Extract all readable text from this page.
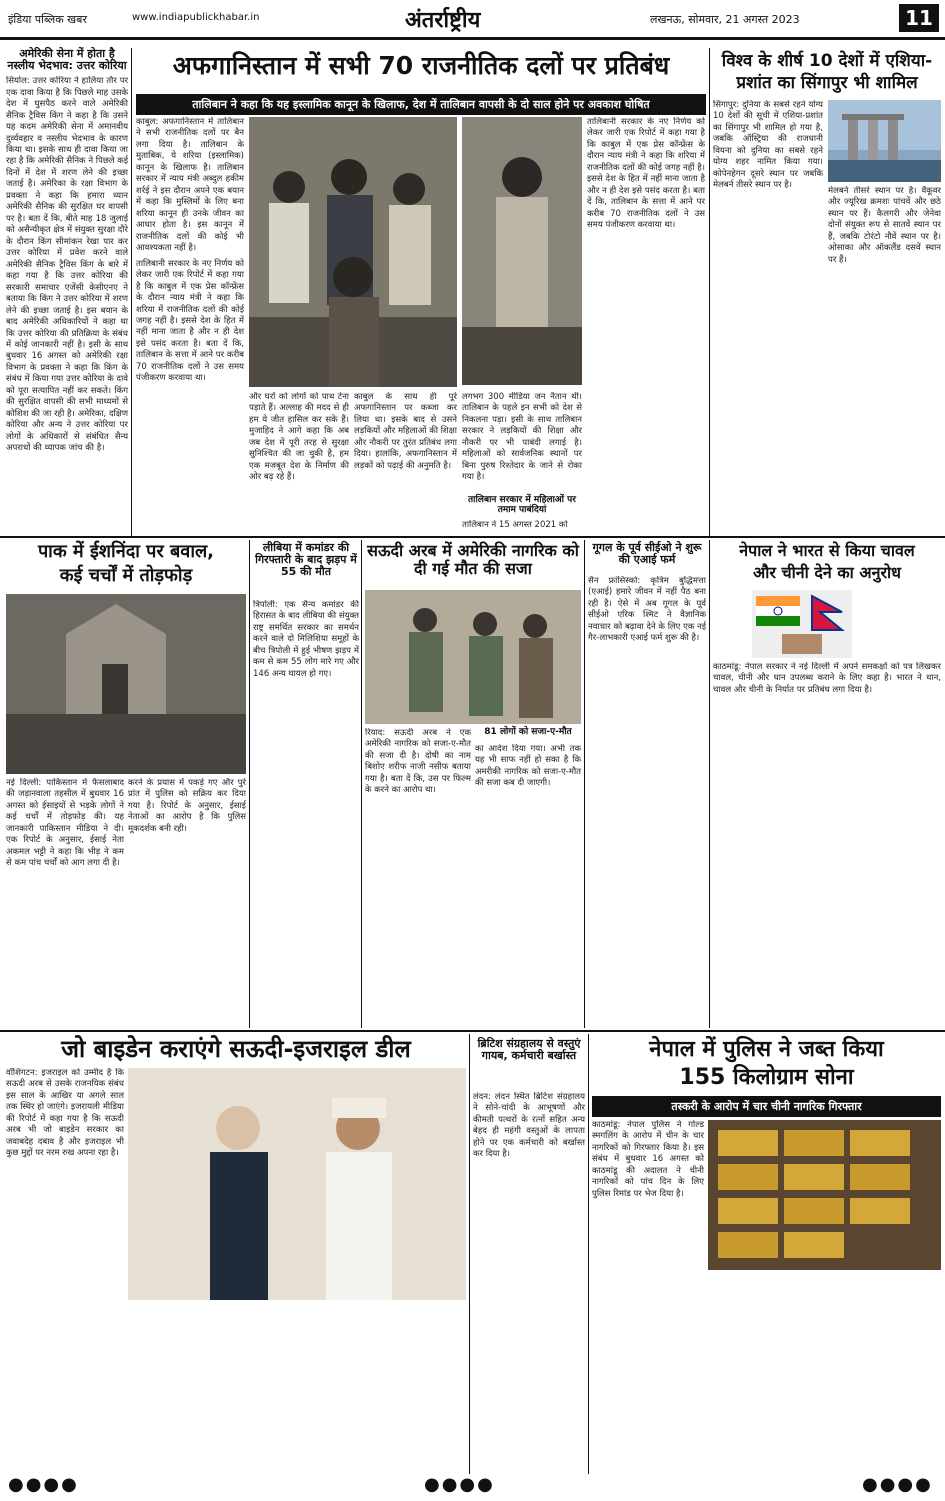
इंडिया पब्लिक खबर	www.indiapublickhabar.in	अंतर्राष्ट्रीय	लखनऊ, सोमवार, 21 अगस्त 2023	11
अमेरिकी सेना में होता है
नस्लीय भेदभाव: उत्तर कोरिया
सियोल: उत्तर कोरिया ने हालिया तौर पर एक दावा किया है कि पिछले माह उसके देश में घुसपैठ करने वाले अमेरिकी सैनिक ट्रैविस किंग ने कहा है कि उसने यह कदम अमेरिकी सेना में अमानवीय दुर्व्यवहार व नस्लीय भेदभाव के कारण किया था। इसके साथ ही दावा किया जा रहा है कि अमेरिकी सैनिक ने पिछले कई दिनों में देश में शरण लेने की इच्छा जताई है। अमेरिका के रक्षा विभाग के प्रवक्ता ने कहा कि हमारा ध्यान अमेरिकी सैनिक की सुरक्षित घर वापसी पर है। बता दें कि, बीते माह 18 जुलाई को असैन्यीकृत क्षेत्र में संयुक्त सुरक्षा दौरे के दौरान किंग सीमांकन रेखा पार कर उत्तर कोरिया में प्रवेश करने वाले अमेरिकी सैनिक ट्रैविस किंग के बारे में कहा गया है कि उत्तर कोरिया की सरकारी समाचार एजेंसी केसीएनए ने बताया कि किंग ने उत्तर कोरिया में शरण लेने की इच्छा जताई है। इस बयान के बाद अमेरिकी अधिकारियों ने कहा था कि उत्तर कोरिया की प्रतिक्रिया के संबंध में कोई जानकारी नहीं है। इसी के साथ बुधवार 16 अगस्त को अमेरिकी रक्षा विभाग के प्रवक्ता ने कहा कि किंग के संबंध में किया गया उत्तर कोरिया के दावे को पूरा सत्यापित नहीं कर सकते। किंग की सुरक्षित वापसी की सभी माध्यमों से कोशिश की जा रही है। अमेरिका, दक्षिण कोरिया और अन्य ने उत्तर कोरिया पर लोगों के अधिकारों से संबंधित सैन्य अपराधों की व्यापक जांच की है।
अफगानिस्तान में सभी 70 राजनीतिक दलों पर प्रतिबंध
तालिबान ने कहा कि यह इस्लामिक कानून के खिलाफ, देश में तालिबान वापसी के दो साल होने पर अवकाश घोषित

काबुल: अफगानिस्तान में तालिबान ने सभी राजनीतिक दलों पर बैन लगा दिया है। तालिबान के मुताबिक, ये शरिया (इस्लामिक) कानून के खिलाफ है। तालिबान सरकार में न्याय मंत्री अब्दुल हकीम शर्रई ने इस दौरान अपने एक बयान में कहा कि मुस्लिमों के लिए बना शरिया कानून ही उनके जीवन का आधार होता है। इस कानून में राजनीतिक दलों की कोई भी आवश्यकता नहीं है।

तालिबानी सरकार के नए निर्णय को लेकर जारी एक रिपोर्ट में कहा गया है कि काबुल में एक प्रेस कॉन्फ्रेंस के दौरान न्याय मंत्री ने कहा कि शरिया में राजनीतिक दलों की कोई जगह नहीं है। इससे देश के हित में नहीं माना जाता है और न ही देश इसे पसंद करता है। बता दें कि, तालिबान के सत्ता में आने पर करीब 70 राजनीतिक दलों ने उस समय पंजीकरण करवाया था।

और घरों को लोगों को पाथ टेना पड़ाते हैं। अल्लाह की मदद से ही हम ये जीत हासिल कर सके हैं। मुजाहिद ने आगे कहा कि अब जब देश में पूरी तरह से सुरक्षा सुनिश्चित की जा चुकी है, हम एक मजबूत देश के निर्माण की ओर बढ़ रहे हैं।
काबुल के साथ ही पूरे अफगानिस्तान पर कब्जा कर लिया था। इसके बाद से उसने लड़कियों और महिलाओं की शिक्षा और नौकरी पर तुरंत प्रतिबंध लगा दिया। हालांकि, अफगानिस्तान में लड़कों को पढ़ाई की अनुमति है।
लगभग 300 मीडिया जन नैतान थी। तालिबान के पहले इन सभी को देश से निकलना पड़ा। इसी के साथ तालिबान सरकार ने लड़कियों की शिक्षा और नौकरी पर भी पाबंदी लगाई है। महिलाओं को सार्वजनिक स्थानों पर बिना पुरुष रिश्तेदार के जाने से रोका गया है।
तालिबान सरकार में महिलाओं पर तमाम पाबंदियां
तालिबान ने 15 अगस्त 2021 को
तालिबानी सरकार के नए निर्णय को लेकर जारी एक रिपोर्ट में कहा गया है कि काबुल में एक प्रेस कॉन्फ्रेंस के दौरान न्याय मंत्री ने कहा कि शरिया में राजनीतिक दलों की कोई जगह नहीं है। इससे देश के हित में नहीं माना जाता है और न ही देश इसे पसंद करता है। बता दें कि, तालिबान के सत्ता में आने पर करीब 70 राजनीतिक दलों ने उस समय पंजीकरण करवाया था।
विश्व के शीर्ष 10 देशों में एशिया-
प्रशांत का सिंगापुर भी शामिल
सिंगापुर: दुनिया के सबसे रहने योग्य 10 देशों की सूची में एशिया-प्रशांत का सिंगापुर भी शामिल हो गया है, जबकि ऑस्ट्रिया की राजधानी वियना को दुनिया का सबसे रहने योग्य शहर नामित किया गया। कोपेनहेगन दूसरे स्थान पर जबकि मेलबर्न तीसरे स्थान पर है।
मेलबर्न तीसरे स्थान पर है। वैंकूवर और ज्यूरिख क्रमशः पांचवें और छठे स्थान पर हैं। कैलगरी और जेनेवा दोनों संयुक्त रूप से सातवें स्थान पर हैं, जबकि टोरंटो नौवें स्थान पर है। ओसाका और ऑकलैंड दसवें स्थान पर हैं।
पाक में ईशनिंदा पर बवाल,
कई चर्चों में तोड़फोड़
नई दिल्ली: पाकिस्तान में फैसलाबाद की जड़ानवाला तहसील में बुधवार 16 अगस्त को ईसाइयों से भड़के लोगों ने कई चर्चों में तोड़फोड़ की। यह जानकारी पाकिस्तान मीडिया ने दी। एक रिपोर्ट के अनुसार, ईसाई नेता अकमल भट्टी ने कहा कि भीड़ ने कम से कम पांच चर्चों को आग लगा दी है।
करने के प्रयास में पकड़े गए और पुरे प्रांत में पुलिस को सक्रिय कर दिया गया है। रिपोर्ट के अनुसार, ईसाई नेताओं का आरोप है कि पुलिस मूकदर्शक बनी रही।
लीबिया में कमांडर की गिरफ्तारी के बाद झड़प में 55 की मौत
त्रिपोली: एक सैन्य कमांडर की हिरासत के बाद लीबिया की संयुक्त राष्ट्र समर्थित सरकार का समर्थन करने वाले दो मिलिशिया समूहों के बीच त्रिपोली में हुई भीषण झड़प में कम से कम 55 लोग मारे गए और 146 अन्य घायल हो गए।
सऊदी अरब में अमेरिकी नागरिक को दी गई मौत की सजा
रियाद: सऊदी अरब ने एक अमेरिकी नागरिक को सजा-ए-मौत की सजा दी है। दोषी का नाम बिशोए शरीफ नाजी नसीफ बताया गया है। बता दें कि, उस पर फिल्म के करने का आरोप था।
81 लोगों को सजा-ए-मौत
का आदेश दिया गया। अभी तक यह भी साफ नहीं हो सका है कि अमरीकी नागरिक को सजा-ए-मौत की सजा कब दी जाएगी।
गूगल के पूर्व सीईओ ने शुरू की एआई फर्म
सैन फ्रांसिस्को: कृत्रिम बुद्धिमत्ता (एआई) हमारे जीवन में नहीं पैठ बना रही है। ऐसे में अब गूगल के पूर्व सीईओ एरिक श्मिट ने वैज्ञानिक नवाचार को बढ़ावा देने के लिए एक नई गैर-लाभकारी एआई फर्म शुरू की है।
नेपाल ने भारत से किया चावल
और चीनी देने का अनुरोध
काठमांडू: नेपाल सरकार ने नई दिल्ली में अपने समकक्षों को पत्र लिखकर चावल, चीनी और धान उपलब्ध कराने के लिए कहा है। भारत ने धान, चावल और चीनी के निर्यात पर प्रतिबंध लगा दिया है।
जो बाइडेन कराएंगे सऊदी-इजराइल डील
वॉशिंगटन: इजराइल को उम्मीद है कि सऊदी अरब से उसके राजनयिक संबंध इस साल के आखिर या अगले साल तक स्थिर हो जाएंगे। इजरायली मीडिया की रिपोर्ट में कहा गया है कि सऊदी अरब भी जो बाइडेन सरकार का जवाबदेह दबाव है और इजराइल भी कुछ मुद्दों पर नरम रुख अपना रहा है।
ब्रिटिश संग्रहालय से वस्तुएं गायब, कर्मचारी बर्खास्त
लंदन: लंदन स्थित ब्रिटिश संग्रहालय ने सोने-चांदी के आभूषणों और कीमती पत्थरों के रत्नों सहित अन्य बेहद ही महंगी वस्तुओं के लापता होने पर एक कर्मचारी को बर्खास्त कर दिया है।
नेपाल में पुलिस ने जब्त किया
155 किलोग्राम सोना
तस्करी के आरोप में चार चीनी नागरिक गिरफ्तार
काठमांडू: नेपाल पुलिस ने गोल्ड स्मगलिंग के आरोप में चीन के चार नागरिकों को गिरफ्तार किया है। इस संबंध में बुधवार 16 अगस्त को काठमांडू की अदालत ने चीनी नागरिकों को पांच दिन के लिए पुलिस रिमांड पर भेज दिया है।
●●●●	●●●●	●●●●
